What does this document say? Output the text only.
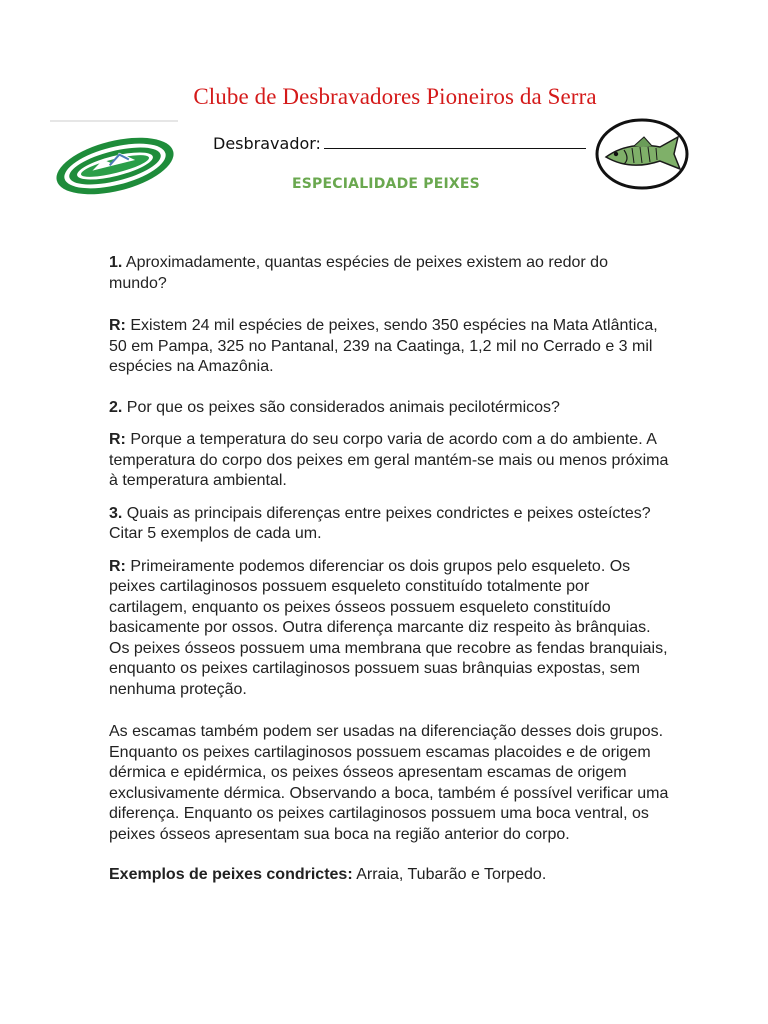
Clube de Desbravadores Pioneiros da Serra
Desbravador:
ESPECIALIDADE PEIXES

1. Aproximadamente, quantas espécies de peixes existem ao redor do mundo?

R: Existem 24 mil espécies de peixes, sendo 350 espécies na Mata Atlântica, 50 em Pampa, 325 no Pantanal, 239 na Caatinga, 1,2 mil no Cerrado e 3 mil espécies na Amazônia.

2. Por que os peixes são considerados animais pecilotérmicos?

R: Porque a temperatura do seu corpo varia de acordo com a do ambiente. A temperatura do corpo dos peixes em geral mantém-se mais ou menos próxima à temperatura ambiental.

3. Quais as principais diferenças entre peixes condrictes e peixes osteíctes? Citar 5 exemplos de cada um.

R: Primeiramente podemos diferenciar os dois grupos pelo esqueleto. Os peixes cartilaginosos possuem esqueleto constituído totalmente por cartilagem, enquanto os peixes ósseos possuem esqueleto constituído basicamente por ossos. Outra diferença marcante diz respeito às brânquias. Os peixes ósseos possuem uma membrana que recobre as fendas branquiais, enquanto os peixes cartilaginosos possuem suas brânquias expostas, sem nenhuma proteção.

As escamas também podem ser usadas na diferenciação desses dois grupos. Enquanto os peixes cartilaginosos possuem escamas placoides e de origem dérmica e epidérmica, os peixes ósseos apresentam escamas de origem exclusivamente dérmica. Observando a boca, também é possível verificar uma diferença. Enquanto os peixes cartilaginosos possuem uma boca ventral, os peixes ósseos apresentam sua boca na região anterior do corpo.

Exemplos de peixes condrictes: Arraia, Tubarão e Torpedo.
